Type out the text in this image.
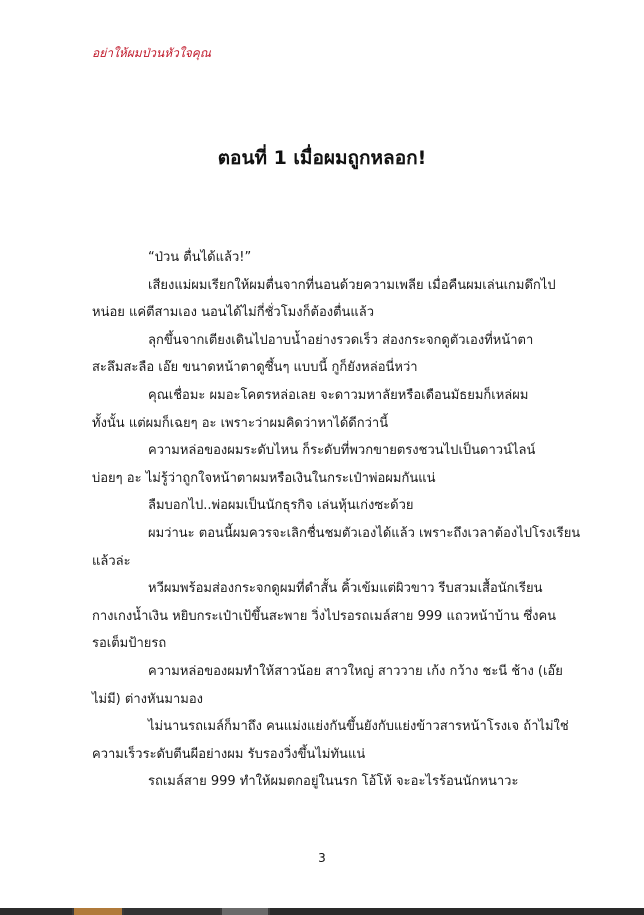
อย่าให้ผมป่วนหัวใจคุณ
ตอนที่ 1 เมื่อผมถูกหลอก!

“ป่วน ตื่นได้แล้ว!”

เสียงแม่ผมเรียกให้ผมตื่นจากที่นอนด้วยความเพลีย เมื่อคืนผมเล่นเกมดึกไป
หน่อย แค่ตีสามเอง นอนได้ไม่กี่ชั่วโมงก็ต้องตื่นแล้ว

ลุกขึ้นจากเตียงเดินไปอาบน้ำอย่างรวดเร็ว ส่องกระจกดูตัวเองที่หน้าตา
สะลึมสะลือ เอ๊ย ขนาดหน้าตาดูซึ้นๆ แบบนี้ กูก็ยังหล่อนี่หว่า

คุณเชื่อมะ ผมอะโคตรหล่อเลย จะดาวมหาลัยหรือเดือนมัธยมก็เหล่ผม
ทั้งนั้น แต่ผมก็เฉยๆ อะ เพราะว่าผมคิดว่าหาได้ดีกว่านี้

ความหล่อของผมระดับไหน ก็ระดับที่พวกขายตรงชวนไปเป็นดาวน์ไลน์
บ่อยๆ อะ ไม่รู้ว่าถูกใจหน้าตาผมหรือเงินในกระเป๋าพ่อผมกันแน่

ลืมบอกไป..พ่อผมเป็นนักธุรกิจ เล่นหุ้นเก่งซะด้วย

ผมว่านะ ตอนนี้ผมควรจะเลิกชื่นชมตัวเองได้แล้ว เพราะถึงเวลาต้องไปโรงเรียนแล้วล่ะ

หวีผมพร้อมส่องกระจกดูผมที่ดำสั้น คิ้วเข้มแต่ผิวขาว รีบสวมเสื้อนักเรียน
กางเกงน้ำเงิน หยิบกระเป๋าเป้ขึ้นสะพาย วิ่งไปรอรถเมล์สาย 999 แถวหน้าบ้าน ซึ่งคน
รอเต็มป้ายรถ

ความหล่อของผมทำให้สาวน้อย สาวใหญ่ สาววาย เก้ง กว้าง ชะนี ช้าง (เอ๊ย
ไม่มี) ต่างหันมามอง

ไม่นานรถเมล์ก็มาถึง คนแม่งแย่งกันขึ้นยังกับแย่งข้าวสารหน้าโรงเจ ถ้าไม่ใช่
ความเร็วระดับตีนผีอย่างผม รับรองวิ่งขึ้นไม่ทันแน่

รถเมล์สาย 999 ทำให้ผมตกอยู่ในนรก โอ้โห้ จะอะไรร้อนนักหนาวะ

3
